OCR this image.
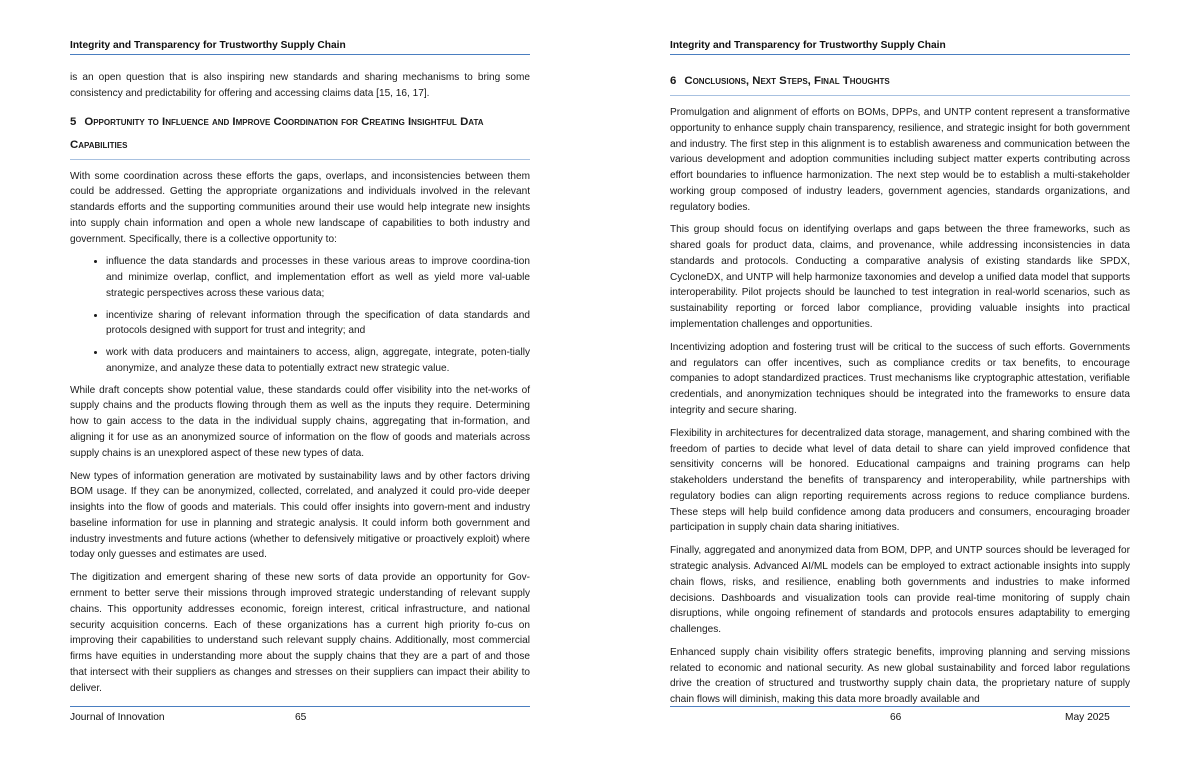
Integrity and Transparency for Trustworthy Supply Chain

is an open question that is also inspiring new standards and sharing mechanisms to bring some consistency and predictability for offering and accessing claims data [15, 16, 17].

5 Opportunity to Influence and Improve Coordination for Creating Insightful Data Capabilities

With some coordination across these efforts the gaps, overlaps, and inconsistencies between them could be addressed. Getting the appropriate organizations and individuals involved in the relevant standards efforts and the supporting communities around their use would help integrate new insights into supply chain information and open a whole new landscape of capabilities to both industry and government. Specifically, there is a collective opportunity to:

• influence the data standards and processes in these various areas to improve coordina-tion and minimize overlap, conflict, and implementation effort as well as yield more val-uable strategic perspectives across these various data;
• incentivize sharing of relevant information through the specification of data standards and protocols designed with support for trust and integrity; and
• work with data producers and maintainers to access, align, aggregate, integrate, poten-tially anonymize, and analyze these data to potentially extract new strategic value.

While draft concepts show potential value, these standards could offer visibility into the net-works of supply chains and the products flowing through them as well as the inputs they require. Determining how to gain access to the data in the individual supply chains, aggregating that in-formation, and aligning it for use as an anonymized source of information on the flow of goods and materials across supply chains is an unexplored aspect of these new types of data.

New types of information generation are motivated by sustainability laws and by other factors driving BOM usage. If they can be anonymized, collected, correlated, and analyzed it could pro-vide deeper insights into the flow of goods and materials. This could offer insights into govern-ment and industry baseline information for use in planning and strategic analysis. It could inform both government and industry investments and future actions (whether to defensively mitigative or proactively exploit) where today only guesses and estimates are used.

The digitization and emergent sharing of these new sorts of data provide an opportunity for Gov-ernment to better serve their missions through improved strategic understanding of relevant supply chains. This opportunity addresses economic, foreign interest, critical infrastructure, and national security acquisition concerns. Each of these organizations has a current high priority fo-cus on improving their capabilities to understand such relevant supply chains. Additionally, most commercial firms have equities in understanding more about the supply chains that they are a part of and those that intersect with their suppliers as changes and stresses on their suppliers can impact their ability to deliver.

Journal of Innovation	65
Integrity and Transparency for Trustworthy Supply Chain
6 Conclusions, Next Steps, Final Thoughts

Promulgation and alignment of efforts on BOMs, DPPs, and UNTP content represent a transformative opportunity to enhance supply chain transparency, resilience, and strategic insight for both government and industry. The first step in this alignment is to establish awareness and communication between the various development and adoption communities including subject matter experts contributing across effort boundaries to influence harmonization. The next step would be to establish a multi-stakeholder working group composed of industry leaders, government agencies, standards organizations, and regulatory bodies.

This group should focus on identifying overlaps and gaps between the three frameworks, such as shared goals for product data, claims, and provenance, while addressing inconsistencies in data standards and protocols. Conducting a comparative analysis of existing standards like SPDX, CycloneDX, and UNTP will help harmonize taxonomies and develop a unified data model that supports interoperability. Pilot projects should be launched to test integration in real-world scenarios, such as sustainability reporting or forced labor compliance, providing valuable insights into practical implementation challenges and opportunities.

Incentivizing adoption and fostering trust will be critical to the success of such efforts. Governments and regulators can offer incentives, such as compliance credits or tax benefits, to encourage companies to adopt standardized practices. Trust mechanisms like cryptographic attestation, verifiable credentials, and anonymization techniques should be integrated into the frameworks to ensure data integrity and secure sharing.

Flexibility in architectures for decentralized data storage, management, and sharing combined with the freedom of parties to decide what level of data detail to share can yield improved confidence that sensitivity concerns will be honored. Educational campaigns and training programs can help stakeholders understand the benefits of transparency and interoperability, while partnerships with regulatory bodies can align reporting requirements across regions to reduce compliance burdens. These steps will help build confidence among data producers and consumers, encouraging broader participation in supply chain data sharing initiatives.

Finally, aggregated and anonymized data from BOM, DPP, and UNTP sources should be leveraged for strategic analysis. Advanced AI/ML models can be employed to extract actionable insights into supply chain flows, risks, and resilience, enabling both governments and industries to make informed decisions. Dashboards and visualization tools can provide real-time monitoring of supply chain disruptions, while ongoing refinement of standards and protocols ensures adaptability to emerging challenges.

Enhanced supply chain visibility offers strategic benefits, improving planning and serving missions related to economic and national security. As new global sustainability and forced labor regulations drive the creation of structured and trustworthy supply chain data, the proprietary nature of supply chain flows will diminish, making this data more broadly available and

66	May 2025
